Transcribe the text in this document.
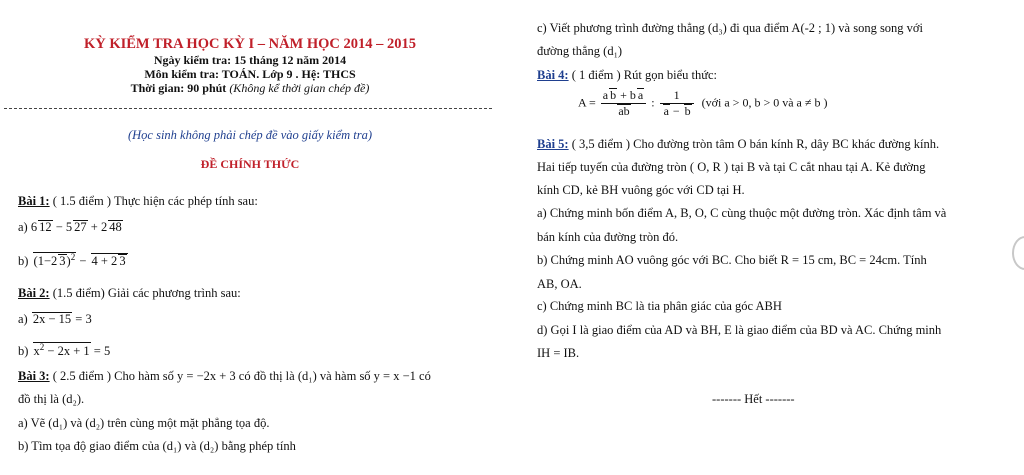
KỲ KIỂM TRA HỌC KỲ I – NĂM HỌC 2014 – 2015
Ngày kiểm tra: 15 tháng 12 năm 2014
Môn kiểm tra: TOÁN. Lớp 9 . Hệ: THCS
Thời gian: 90 phút (Không kể thời gian chép đề)
(Học sinh không phải chép đề vào giấy kiểm tra)
ĐỀ CHÍNH THỨC
Bài 1: ( 1.5 điểm ) Thực hiện các phép tính sau:
a) 6 12 − 5 27 + 2 48
b) (1−2 3)$^2$ − 4 + 2 3
Bài 2: (1.5 điểm) Giải các phương trình sau:
a) 2x − 15 = 3
b) $x^2 - 2x + 1 = 5$
Bài 3: ( 2.5 điểm ) Cho hàm số y = −2x + 3 có đồ thị là (d₁) và hàm số y = x −1 có
đồ thị là (d₂).
a) Vẽ (d₁) và (d₂) trên cùng một mặt phẳng tọa độ.
b) Tìm tọa độ giao điểm của (d₁) và (d₂) bằng phép tính
c) Viết phương trình đường thẳng (d₃) đi qua điểm A(-2 ; 1) và song song với
đường thẳng (d₁)
Bài 4: ( 1 điểm ) Rút gọn biểu thức:
$A = \frac{\text{a b + b a}}{ab}$ : $\frac{1}{a - b}$ (với a > 0, b > 0 và a ≠ b )
Bài 5: ( 3,5 điểm ) Cho đường tròn tâm O bán kính R, dây BC khác đường kính.
Hai tiếp tuyến của đường tròn ( O, R ) tại B và tại C cắt nhau tại A. Kẻ đường
kính CD, kẻ BH vuông góc với CD tại H.
a) Chứng minh bốn điểm A, B, O, C cùng thuộc một đường tròn. Xác định tâm và
bán kính của đường tròn đó.
b) Chứng minh AO vuông góc với BC. Cho biết R = 15 cm, BC = 24cm. Tính
AB, OA.
c) Chứng minh BC là tia phân giác của góc ABH
d) Gọi I là giao điểm của AD và BH, E là giao điểm của BD và AC. Chứng minh
IH = IB.
------- Hết -------
